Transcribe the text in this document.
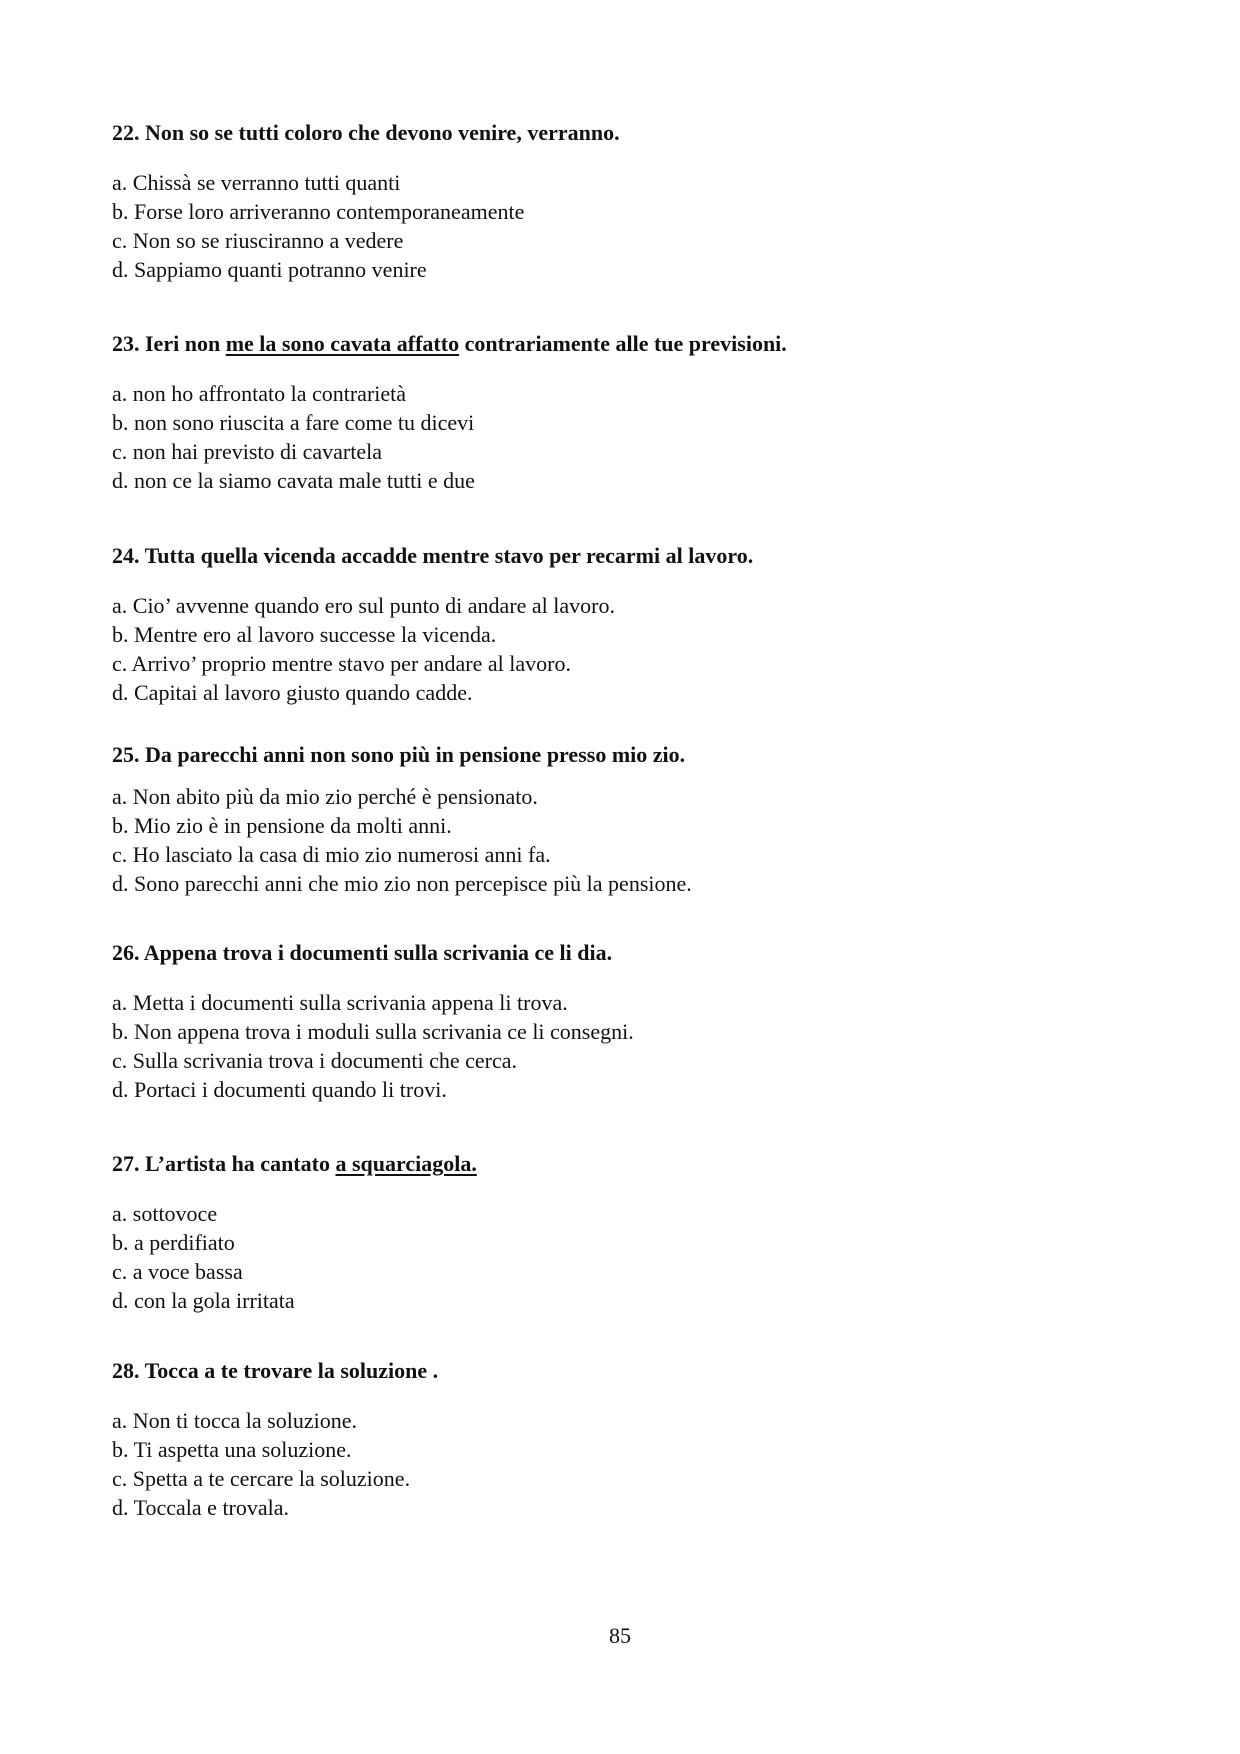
22. Non so se tutti coloro che devono venire, verranno.

a. Chissà se verranno tutti quanti
b. Forse loro arriveranno contemporaneamente
c. Non so se riusciranno a vedere
d. Sappiamo quanti potranno venire

23. Ieri non me la sono cavata affatto contrariamente alle tue previsioni.

a. non ho affrontato la contrarietà
b. non sono riuscita a fare come tu dicevi
c. non hai previsto di cavartela
d. non ce la siamo cavata male tutti e due

24. Tutta quella vicenda accadde mentre stavo per recarmi al lavoro.

a. Cio’ avvenne quando ero sul punto di andare al lavoro.
b. Mentre ero al lavoro successe la vicenda.
c. Arrivo’ proprio mentre stavo per andare al lavoro.
d. Capitai al lavoro giusto quando cadde.

25. Da parecchi anni non sono più in pensione presso mio zio.

a. Non abito più da mio zio perché è pensionato.
b. Mio zio è in pensione da molti anni.
c. Ho lasciato la casa di mio zio numerosi anni fa.
d. Sono parecchi anni che mio zio non percepisce più la pensione.

26. Appena trova i documenti sulla scrivania ce li dia.

a. Metta i documenti sulla scrivania appena li trova.
b. Non appena trova i moduli sulla scrivania ce li consegni.
c. Sulla scrivania trova i documenti che cerca.
d. Portaci i documenti quando li trovi.

27. L’artista ha cantato a squarciagola.

a. sottovoce
b. a perdifiato
c. a voce bassa
d. con la gola irritata

28. Tocca a te trovare la soluzione .

a. Non ti tocca la soluzione.
b. Ti aspetta una soluzione.
c. Spetta a te cercare la soluzione.
d. Toccala e trovala.
85
